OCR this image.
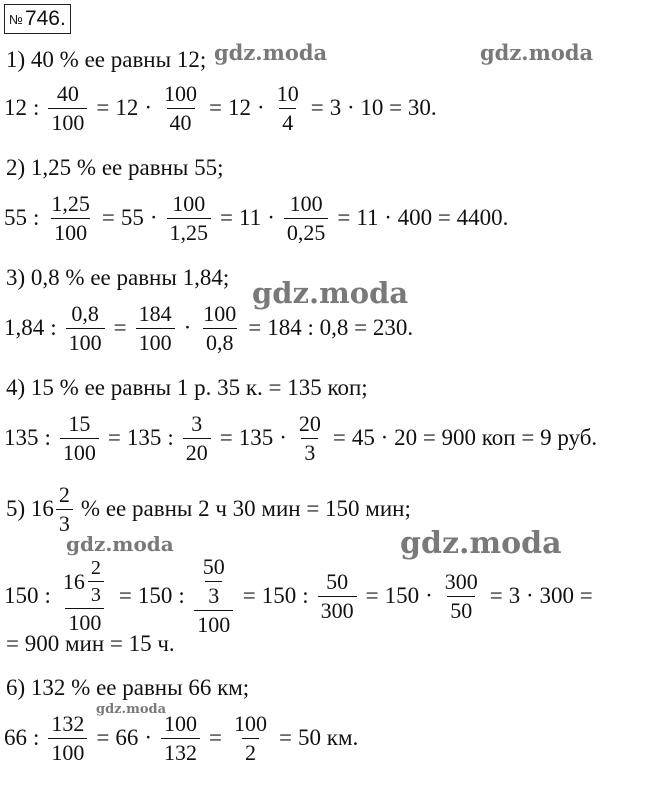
№746.
1) 40 % ее равны 12;
12 : $\frac{40}{100} = 12 \cdot \frac{100}{40} = 12 \cdot \frac{10}{4} = 3 \cdot 10 = 30$.
2) 1,25 % ее равны 55;
55 : $\frac{1,25}{100} = 55 \cdot \frac{100}{1,25} = 11 \cdot \frac{100}{0,25} = 11 \cdot 400 = 4400$.
3) 0,8 % ее равны 1,84;
1,84 : $\frac{0,8}{100} = \frac{184}{100} \cdot \frac{100}{0,8} = 184$ : 0,8 = 230.
4) 15 % ее равны 1 р. 35 к. = 135 коп;
135 : $\frac{15}{100} = 135$ : $\frac{3}{20} = 135 \cdot \frac{20}{3} = 45 \cdot 20 = 900$ коп = 9 руб.
5) $16 \frac{2}{3}$ % ее равны 2 ч 30 мин = 150 мин;
150 : $\frac{16 \frac{2}{3}}{100} = 150$ : $\frac{\frac{50}{3}}{100} = 150$ : $\frac{50}{300} = 150 \cdot \frac{300}{50} = 3 \cdot 300$ =
= 900 мин = 15 ч.
6) 132 % ее равны 66 км;
66 : $\frac{132}{100} = 66 \cdot \frac{100}{132} = \frac{100}{2} = 50$ км.
gdz.moda	gdz.moda
gdz.moda
gdz.moda	gdz.moda
gdz.moda
